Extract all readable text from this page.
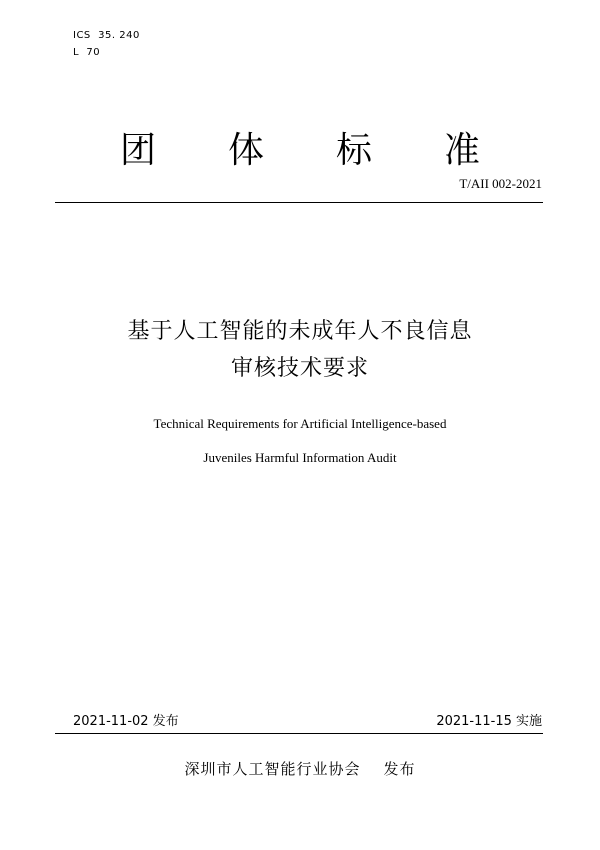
ICS  35. 240
L  70
团 体 标 准
T/AII 002-2021
基于人工智能的未成年人不良信息
审核技术要求
Technical Requirements for Artificial Intelligence-based
Juveniles Harmful Information Audit
2021-11-02 发布	2021-11-15 实施
深圳市人工智能行业协会    发布
